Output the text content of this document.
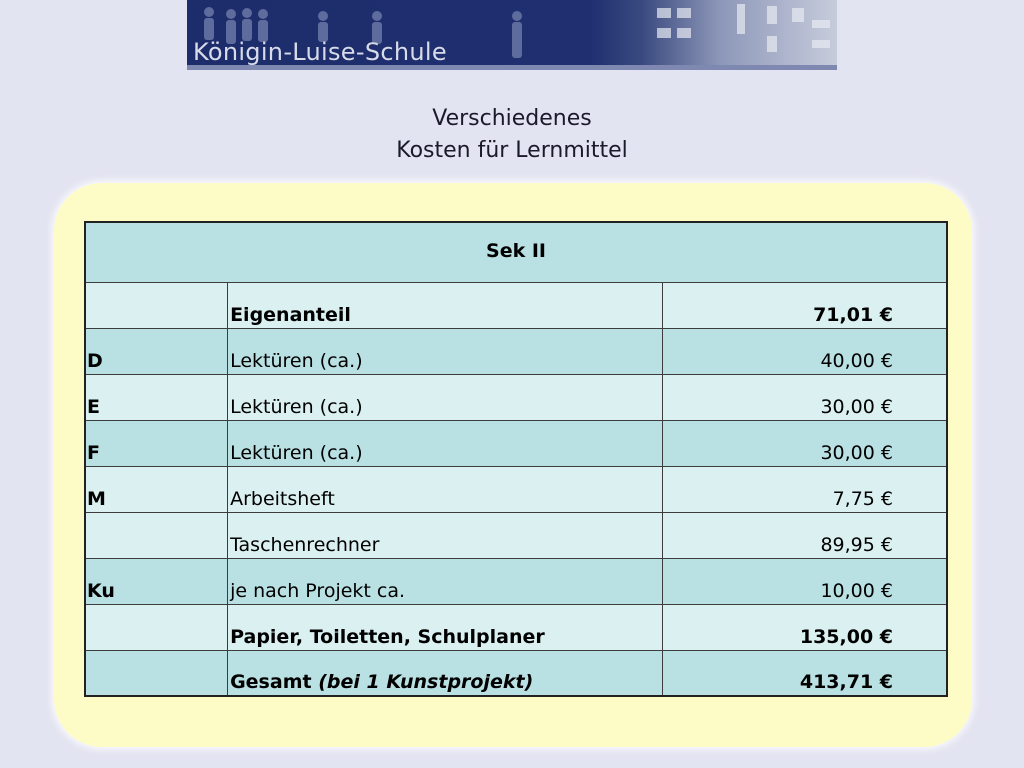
Königin-Luise-Schule
Verschiedenes
Kosten für Lernmittel
Sek II		
	Eigenanteil	71,01 €
D	Lektüren (ca.)	40,00 €
E	Lektüren (ca.)	30,00 €
F	Lektüren (ca.)	30,00 €
M	Arbeitsheft	7,75 €
	Taschenrechner	89,95 €
Ku	je nach Projekt ca.	10,00 €
	Papier, Toiletten, Schulplaner	135,00 €
	Gesamt (bei 1 Kunstprojekt)	413,71 €
